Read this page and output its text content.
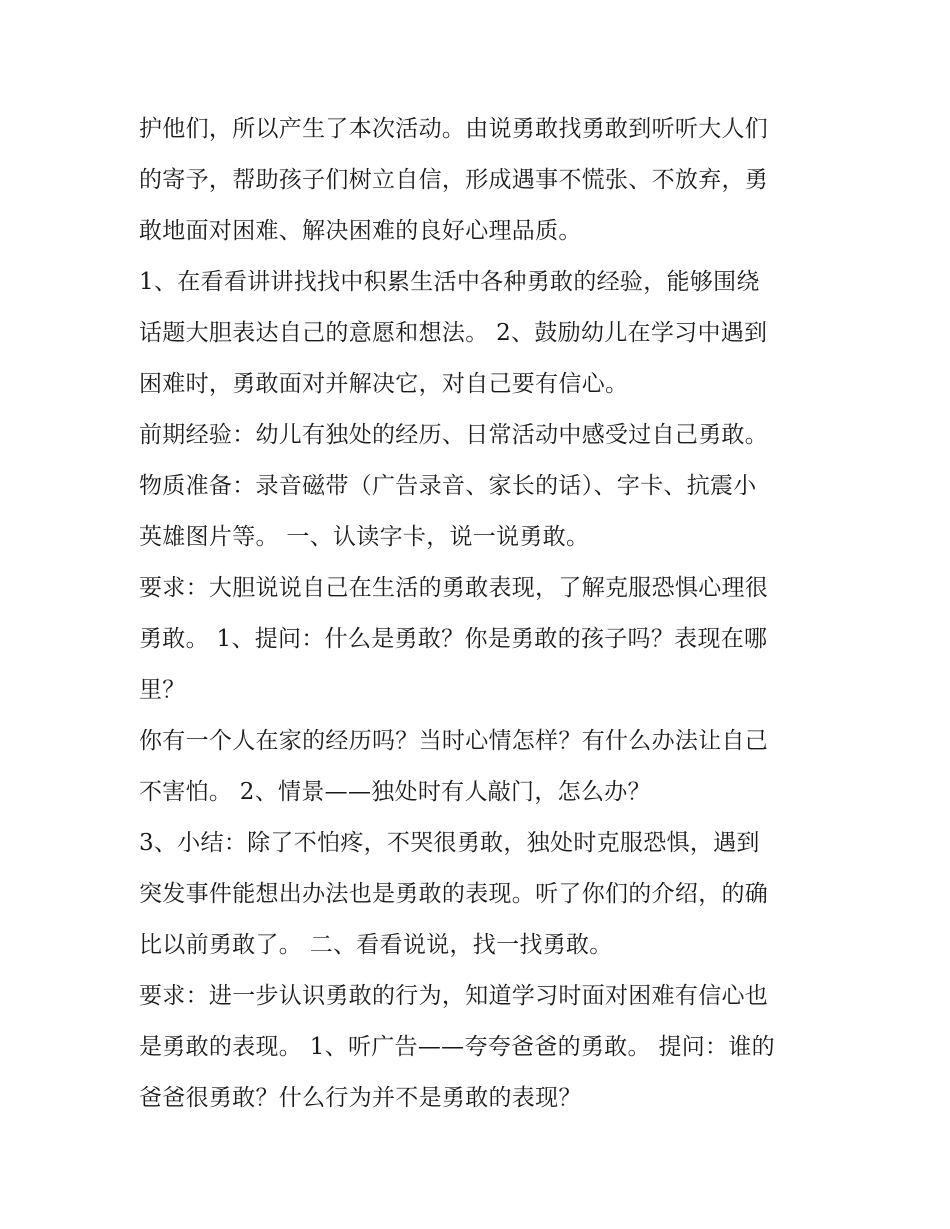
护他们，所以产生了本次活动。由说勇敢找勇敢到听听大人们
的寄予，帮助孩子们树立自信，形成遇事不慌张、不放弃，勇
敢地面对困难、解决困难的良好心理品质。
1、在看看讲讲找找中积累生活中各种勇敢的经验，能够围绕
话题大胆表达自己的意愿和想法。 2、鼓励幼儿在学习中遇到
困难时，勇敢面对并解决它，对自己要有信心。
前期经验：幼儿有独处的经历、日常活动中感受过自己勇敢。
物质准备：录音磁带（广告录音、家长的话）、字卡、抗震小
英雄图片等。 一、认读字卡，说一说勇敢。
要求：大胆说说自己在生活的勇敢表现，了解克服恐惧心理很
勇敢。 1、提问：什么是勇敢？你是勇敢的孩子吗？表现在哪
里？
你有一个人在家的经历吗？当时心情怎样？有什么办法让自己
不害怕。 2、情景——独处时有人敲门，怎么办？
3、小结：除了不怕疼，不哭很勇敢，独处时克服恐惧，遇到
突发事件能想出办法也是勇敢的表现。听了你们的介绍，的确
比以前勇敢了。 二、看看说说，找一找勇敢。
要求：进一步认识勇敢的行为，知道学习时面对困难有信心也
是勇敢的表现。 1、听广告——夸夸爸爸的勇敢。 提问：谁的
爸爸很勇敢？什么行为并不是勇敢的表现？
